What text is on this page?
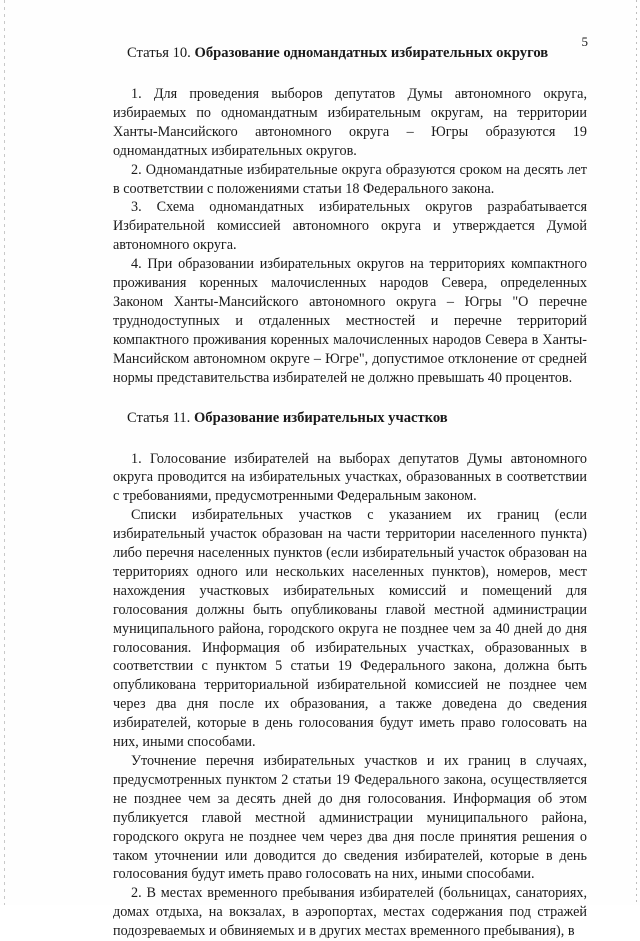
5

Статья 10. Образование одномандатных избирательных округов

1. Для проведения выборов депутатов Думы автономного округа, избираемых по одномандатным избирательным округам, на территории Ханты-Мансийского автономного округа – Югры образуются 19 одномандатных избирательных округов.

2. Одномандатные избирательные округа образуются сроком на десять лет в соответствии с положениями статьи 18 Федерального закона.

3. Схема одномандатных избирательных округов разрабатывается Избирательной комиссией автономного округа и утверждается Думой автономного округа.

4. При образовании избирательных округов на территориях компактного проживания коренных малочисленных народов Севера, определенных Законом Ханты-Мансийского автономного округа – Югры "О перечне труднодоступных и отдаленных местностей и перечне территорий компактного проживания коренных малочисленных народов Севера в Ханты-Мансийском автономном округе – Югре", допустимое отклонение от средней нормы представительства избирателей не должно превышать 40 процентов.

Статья 11. Образование избирательных участков

1. Голосование избирателей на выборах депутатов Думы автономного округа проводится на избирательных участках, образованных в соответствии с требованиями, предусмотренными Федеральным законом.

Списки избирательных участков с указанием их границ (если избирательный участок образован на части территории населенного пункта) либо перечня населенных пунктов (если избирательный участок образован на территориях одного или нескольких населенных пунктов), номеров, мест нахождения участковых избирательных комиссий и помещений для голосования должны быть опубликованы главой местной администрации муниципального района, городского округа не позднее чем за 40 дней до дня голосования. Информация об избирательных участках, образованных в соответствии с пунктом 5 статьи 19 Федерального закона, должна быть опубликована территориальной избирательной комиссией не позднее чем через два дня после их образования, а также доведена до сведения избирателей, которые в день голосования будут иметь право голосовать на них, иными способами.

Уточнение перечня избирательных участков и их границ в случаях, предусмотренных пунктом 2 статьи 19 Федерального закона, осуществляется не позднее чем за десять дней до дня голосования. Информация об этом публикуется главой местной администрации муниципального района, городского округа не позднее чем через два дня после принятия решения о таком уточнении или доводится до сведения избирателей, которые в день голосования будут иметь право голосовать на них, иными способами.

2. В местах временного пребывания избирателей (больницах, санаториях, домах отдыха, на вокзалах, в аэропортах, местах содержания под стражей подозреваемых и обвиняемых и в других местах временного пребывания), в
